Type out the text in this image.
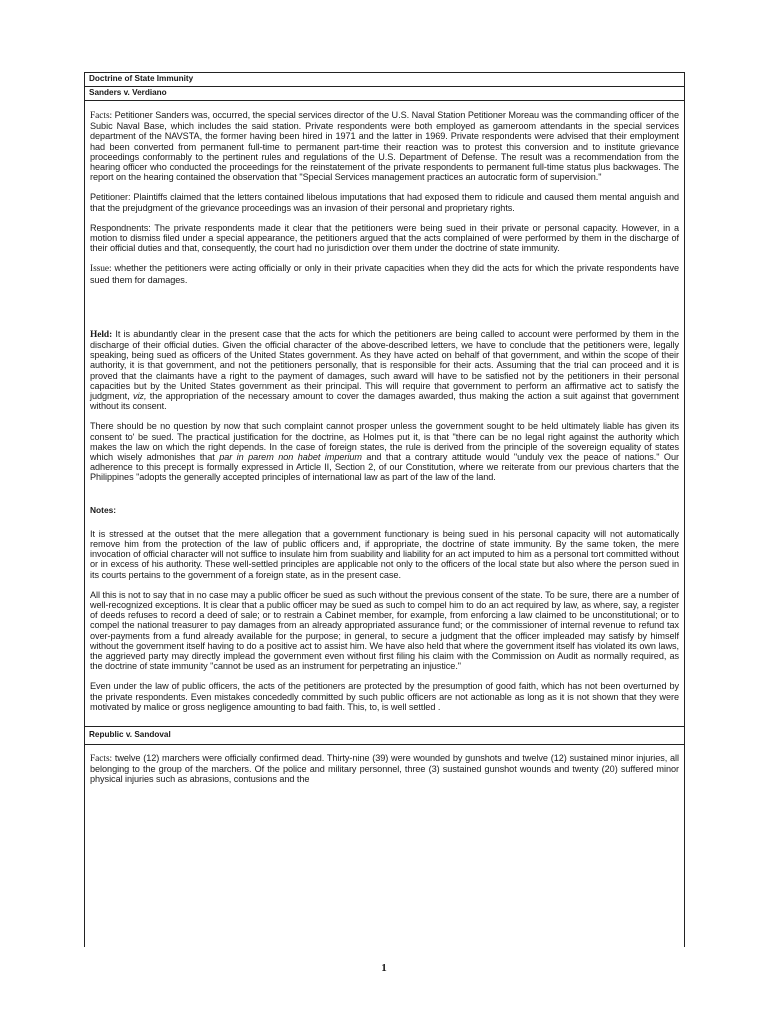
Doctrine of State Immunity
Sanders v. Verdiano

Facts: Petitioner Sanders was, occurred, the special services director of the U.S. Naval Station Petitioner Moreau was the commanding officer of the Subic Naval Base, which includes the said station. Private respondents were both employed as gameroom attendants in the special services department of the NAVSTA, the former having been hired in 1971 and the latter in 1969. Private respondents were advised that their employment had been converted from permanent full-time to permanent part-time their reaction was to protest this conversion and to institute grievance proceedings conformably to the pertinent rules and regulations of the U.S. Department of Defense. The result was a recommendation from the hearing officer who conducted the proceedings for the reinstatement of the private respondents to permanent full-time status plus backwages. The report on the hearing contained the observation that "Special Services management practices an autocratic form of supervision."

Petitioner: Plaintiffs claimed that the letters contained libelous imputations that had exposed them to ridicule and caused them mental anguish and that the prejudgment of the grievance proceedings was an invasion of their personal and proprietary rights.

Respondnents: The private respondents made it clear that the petitioners were being sued in their private or personal capacity. However, in a motion to dismiss filed under a special appearance, the petitioners argued that the acts complained of were performed by them in the discharge of their official duties and that, consequently, the court had no jurisdiction over them under the doctrine of state immunity.

Issue: whether the petitioners were acting officially or only in their private capacities when they did the acts for which the private respondents have sued them for damages.

Held: It is abundantly clear in the present case that the acts for which the petitioners are being called to account were performed by them in the discharge of their official duties. Given the official character of the above-described letters, we have to conclude that the petitioners were, legally speaking, being sued as officers of the United States government. As they have acted on behalf of that government, and within the scope of their authority, it is that government, and not the petitioners personally, that is responsible for their acts. Assuming that the trial can proceed and it is proved that the claimants have a right to the payment of damages, such award will have to be satisfied not by the petitioners in their personal capacities but by the United States government as their principal. This will require that government to perform an affirmative act to satisfy the judgment, viz, the appropriation of the necessary amount to cover the damages awarded, thus making the action a suit against that government without its consent.

There should be no question by now that such complaint cannot prosper unless the government sought to be held ultimately liable has given its consent to' be sued. The practical justification for the doctrine, as Holmes put it, is that "there can be no legal right against the authority which makes the law on which the right depends. In the case of foreign states, the rule is derived from the principle of the sovereign equality of states which wisely admonishes that par in parem non habet imperium and that a contrary attitude would "unduly vex the peace of nations." Our adherence to this precept is formally expressed in Article II, Section 2, of our Constitution, where we reiterate from our previous charters that the Philippines "adopts the generally accepted principles of international law as part of the law of the land.

Notes:

It is stressed at the outset that the mere allegation that a government functionary is being sued in his personal capacity will not automatically remove him from the protection of the law of public officers and, if appropriate, the doctrine of state immunity. By the same token, the mere invocation of official character will not suffice to insulate him from suability and liability for an act imputed to him as a personal tort committed without or in excess of his authority. These well-settled principles are applicable not only to the officers of the local state but also where the person sued in its courts pertains to the government of a foreign state, as in the present case.

All this is not to say that in no case may a public officer be sued as such without the previous consent of the state. To be sure, there are a number of well-recognized exceptions. It is clear that a public officer may be sued as such to compel him to do an act required by law, as where, say, a register of deeds refuses to record a deed of sale; or to restrain a Cabinet member, for example, from enforcing a law claimed to be unconstitutional; or to compel the national treasurer to pay damages from an already appropriated assurance fund; or the commissioner of internal revenue to refund tax over-payments from a fund already available for the purpose; in general, to secure a judgment that the officer impleaded may satisfy by himself without the government itself having to do a positive act to assist him. We have also held that where the government itself has violated its own laws, the aggrieved party may directly implead the government even without first filing his claim with the Commission on Audit as normally required, as the doctrine of state immunity "cannot be used as an instrument for perpetrating an injustice."

Even under the law of public officers, the acts of the petitioners are protected by the presumption of good faith, which has not been overturned by the private respondents. Even mistakes concededly committed by such public officers are not actionable as long as it is not shown that they were motivated by malice or gross negligence amounting to bad faith. This, to, is well settled .

Republic v. Sandoval

Facts: twelve (12) marchers were officially confirmed dead. Thirty-nine (39) were wounded by gunshots and twelve (12) sustained minor injuries, all belonging to the group of the marchers. Of the police and military personnel, three (3) sustained gunshot wounds and twenty (20) suffered minor physical injuries such as abrasions, contusions and the

1
